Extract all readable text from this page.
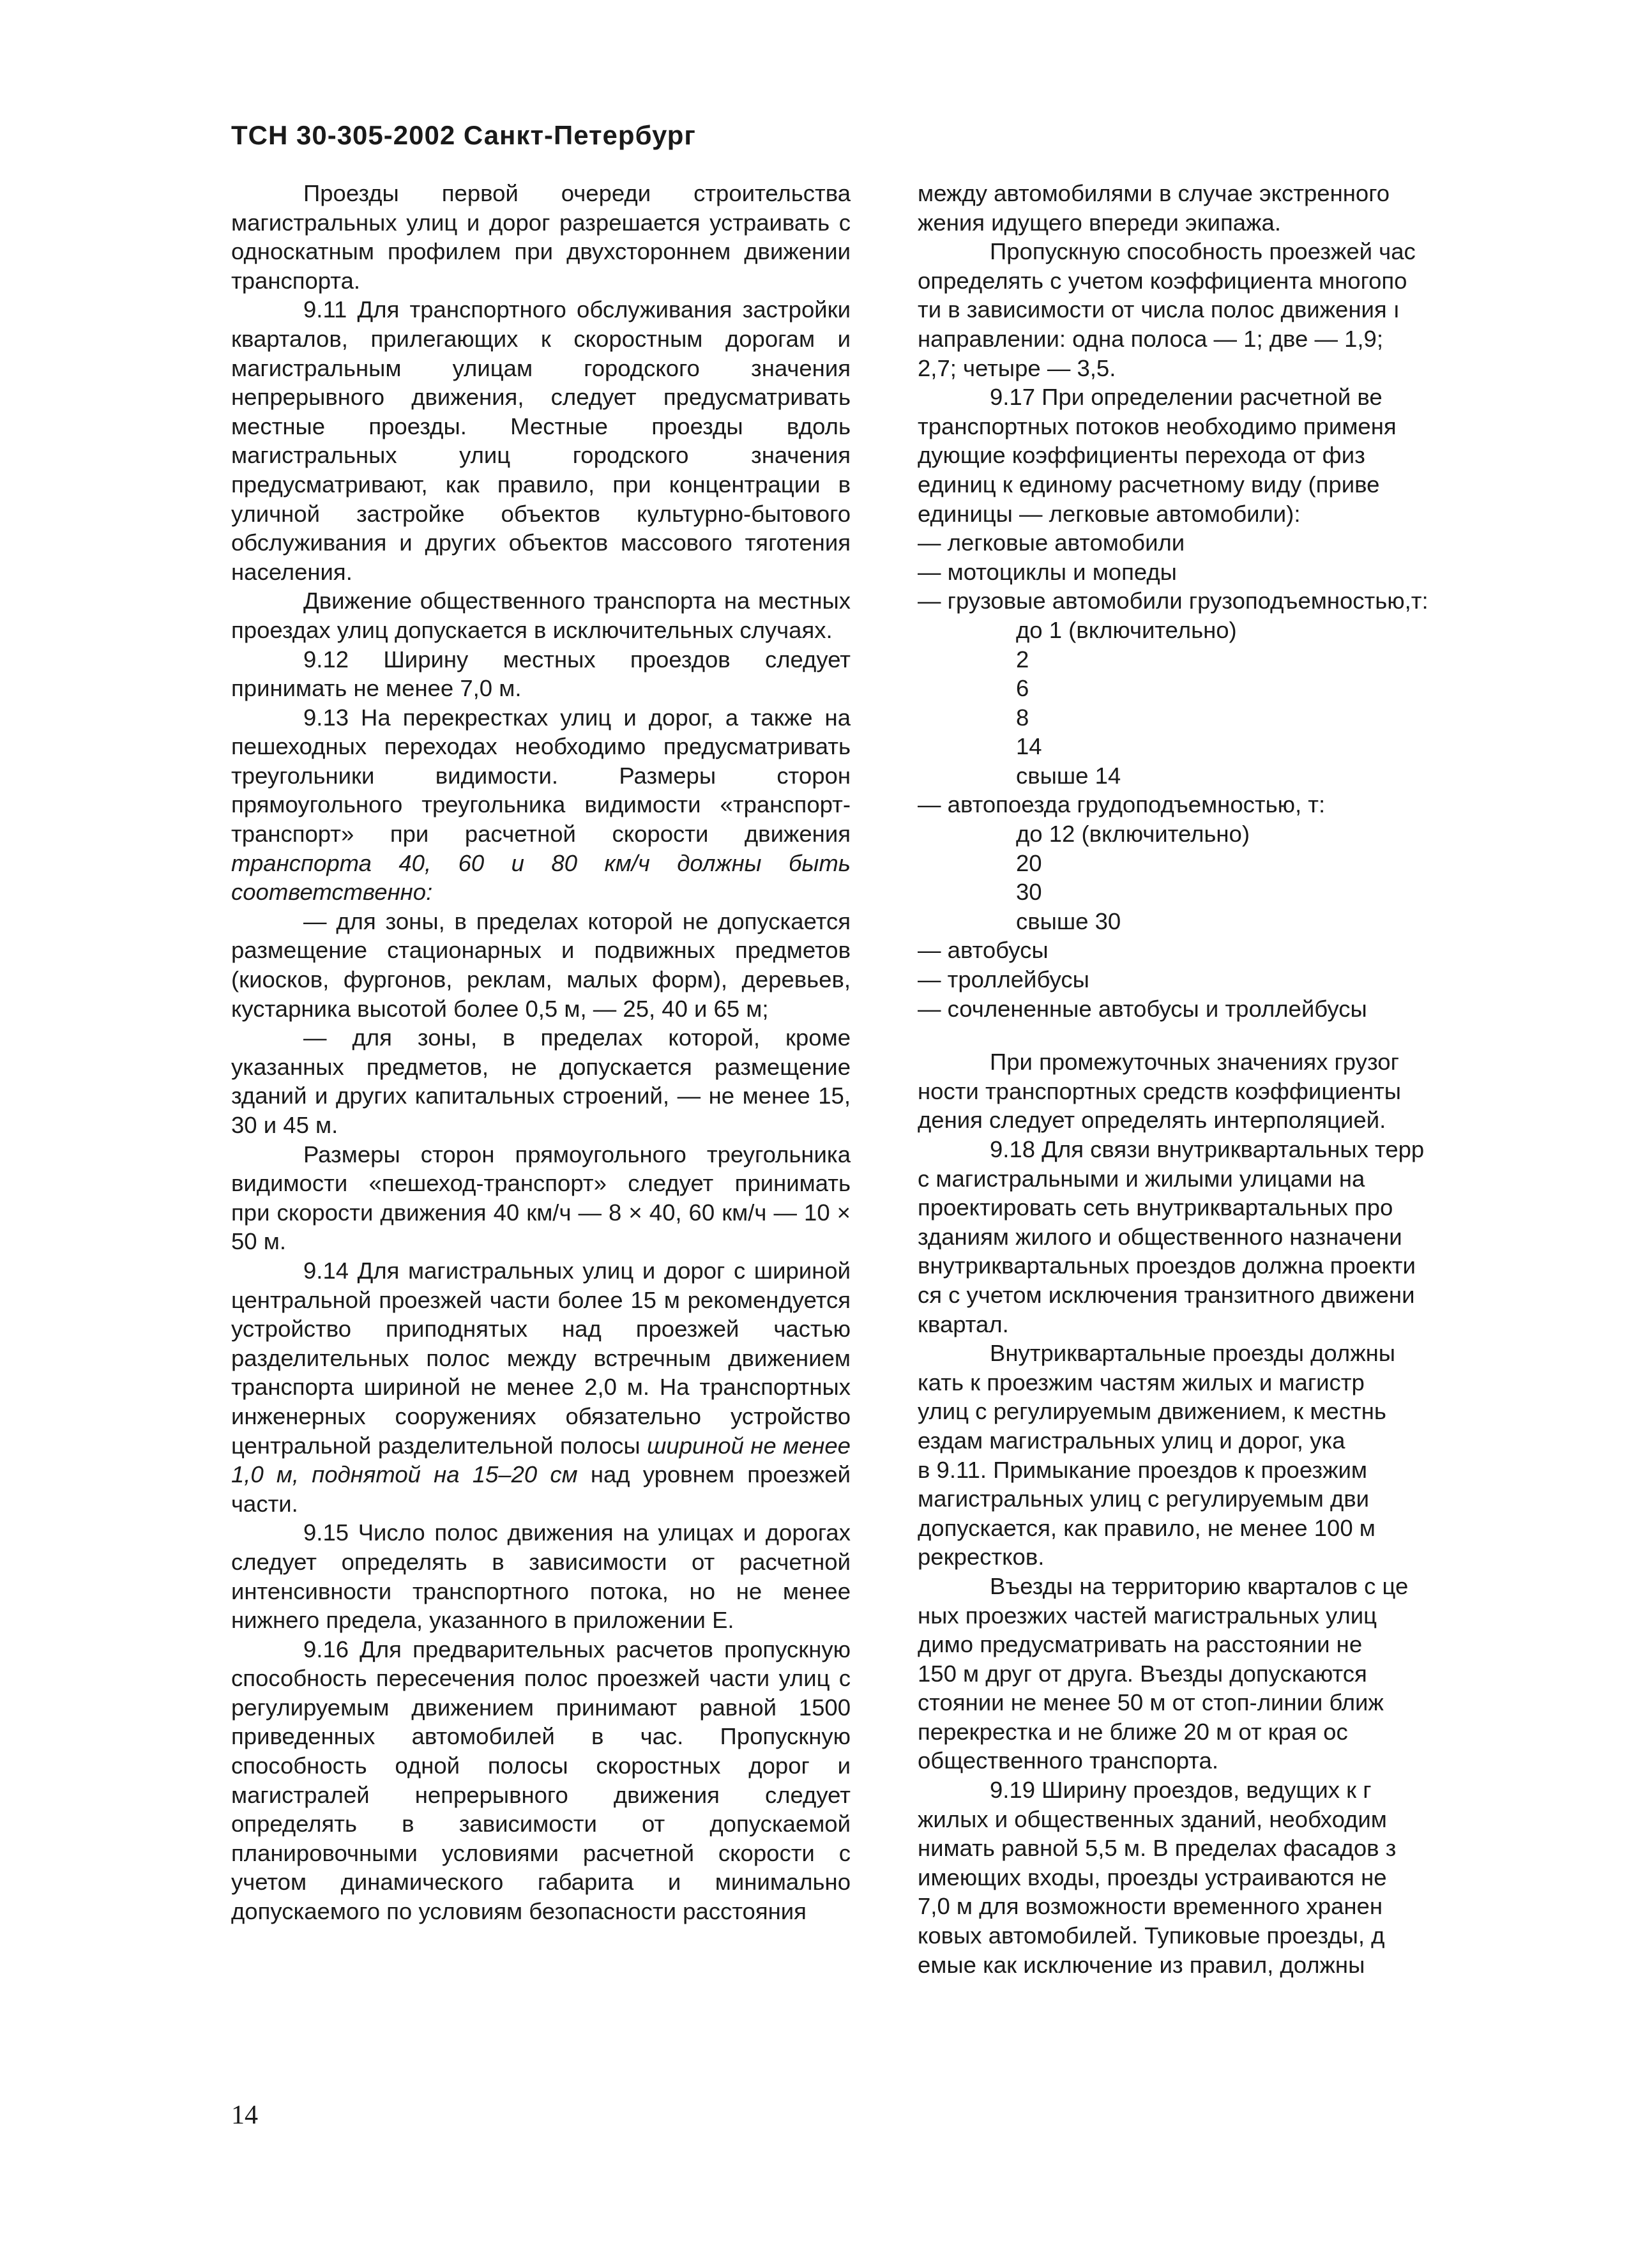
ТСН 30-305-2002 Санкт-Петербург

Проезды первой очереди строительства магистральных улиц и дорог разрешается устраивать с односкатным профилем при двухстороннем движении транспорта.

9.11 Для транспортного обслуживания застройки кварталов, прилегающих к скоростным дорогам и магистральным улицам городского значения непрерывного движения, следует предусматривать местные проезды. Местные проезды вдоль магистральных улиц городского значения предусматривают, как правило, при концентрации в уличной застройке объектов культурно-бытового обслуживания и других объектов массового тяготения населения.

Движение общественного транспорта на местных проездах улиц допускается в исключительных случаях.

9.12 Ширину местных проездов следует принимать не менее 7,0 м.

9.13 На перекрестках улиц и дорог, а также на пешеходных переходах необходимо предусматривать треугольники видимости. Размеры сторон прямоугольного треугольника видимости «транспорт-транспорт» при расчетной скорости движения транспорта 40, 60 и 80 км/ч должны быть соответственно:

— для зоны, в пределах которой не допускается размещение стационарных и подвижных предметов (киосков, фургонов, реклам, малых форм), деревьев, кустарника высотой более 0,5 м, — 25, 40 и 65 м;

— для зоны, в пределах которой, кроме указанных предметов, не допускается размещение зданий и других капитальных строений, — не менее 15, 30 и 45 м.

Размеры сторон прямоугольного треугольника видимости «пешеход-транспорт» следует принимать при скорости движения 40 км/ч — 8 × 40, 60 км/ч — 10 × 50 м.

9.14 Для магистральных улиц и дорог с шириной центральной проезжей части более 15 м рекомендуется устройство приподнятых над проезжей частью разделительных полос между встречным движением транспорта шириной не менее 2,0 м. На транспортных инженерных сооружениях обязательно устройство центральной разделительной полосы шириной не менее 1,0 м, поднятой на 15–20 см над уровнем проезжей части.

9.15 Число полос движения на улицах и дорогах следует определять в зависимости от расчетной интенсивности транспортного потока, но не менее нижнего предела, указанного в приложении Е.

9.16 Для предварительных расчетов пропускную способность пересечения полос проезжей части улиц с регулируемым движением принимают равной 1500 приведенных автомобилей в час. Пропускную способность одной полосы скоростных дорог и магистралей непрерывного движения следует определять в зависимости от допускаемой планировочными условиями расчетной скорости с учетом динамического габарита и минимально допускаемого по условиям безопасности расстояния

между автомобилями в случае экстренного

жения идущего впереди экипажа.

Пропускную способность проезжей час

определять с учетом коэффициента многопо

ти в зависимости от числа полос движения ı

направлении: одна полоса — 1; две — 1,9;

2,7; четыре — 3,5.

9.17 При определении расчетной ве

транспортных потоков необходимо применя

дующие коэффициенты перехода от физ

единиц к единому расчетному виду (приве

единицы — легковые автомобили):

— легковые автомобили
— мотоциклы и мопеды
— грузовые автомобили грузоподъемностью,т:
до 1 (включительно)
2
6
8
14
свыше 14
— автопоезда грудоподъемностью, т:
до 12 (включительно)
20
30
свыше 30
— автобусы
— троллейбусы
— сочлененные автобусы и троллейбусы

При промежуточных значениях грузог

ности транспортных средств коэффициенты

дения следует определять интерполяцией.

9.18 Для связи внутриквартальных терр

с магистральными и жилыми улицами на

проектировать сеть внутриквартальных про

зданиям жилого и общественного назначени

внутриквартальных проездов должна проекти

ся с учетом исключения транзитного движени

квартал.

Внутриквартальные проезды должны

кать к проезжим частям жилых и магистр

улиц с регулируемым движением, к местнь

ездам магистральных улиц и дорог, ука

в 9.11. Примыкание проездов к проезжим

магистральных улиц с регулируемым дви

допускается, как правило, не менее 100 м

рекрестков.

Въезды на территорию кварталов с це

ных проезжих частей магистральных улиц

димо предусматривать на расстоянии не

150 м друг от друга. Въезды допускаются

стоянии не менее 50 м от стоп-линии ближ

перекрестка и не ближе 20 м от края ос

общественного транспорта.

9.19 Ширину проездов, ведущих к г

жилых и общественных зданий, необходим

нимать равной 5,5 м. В пределах фасадов з

имеющих входы, проезды устраиваются не

7,0 м для возможности временного хранен

ковых автомобилей. Тупиковые проезды, д

емые как исключение из правил, должны

14
